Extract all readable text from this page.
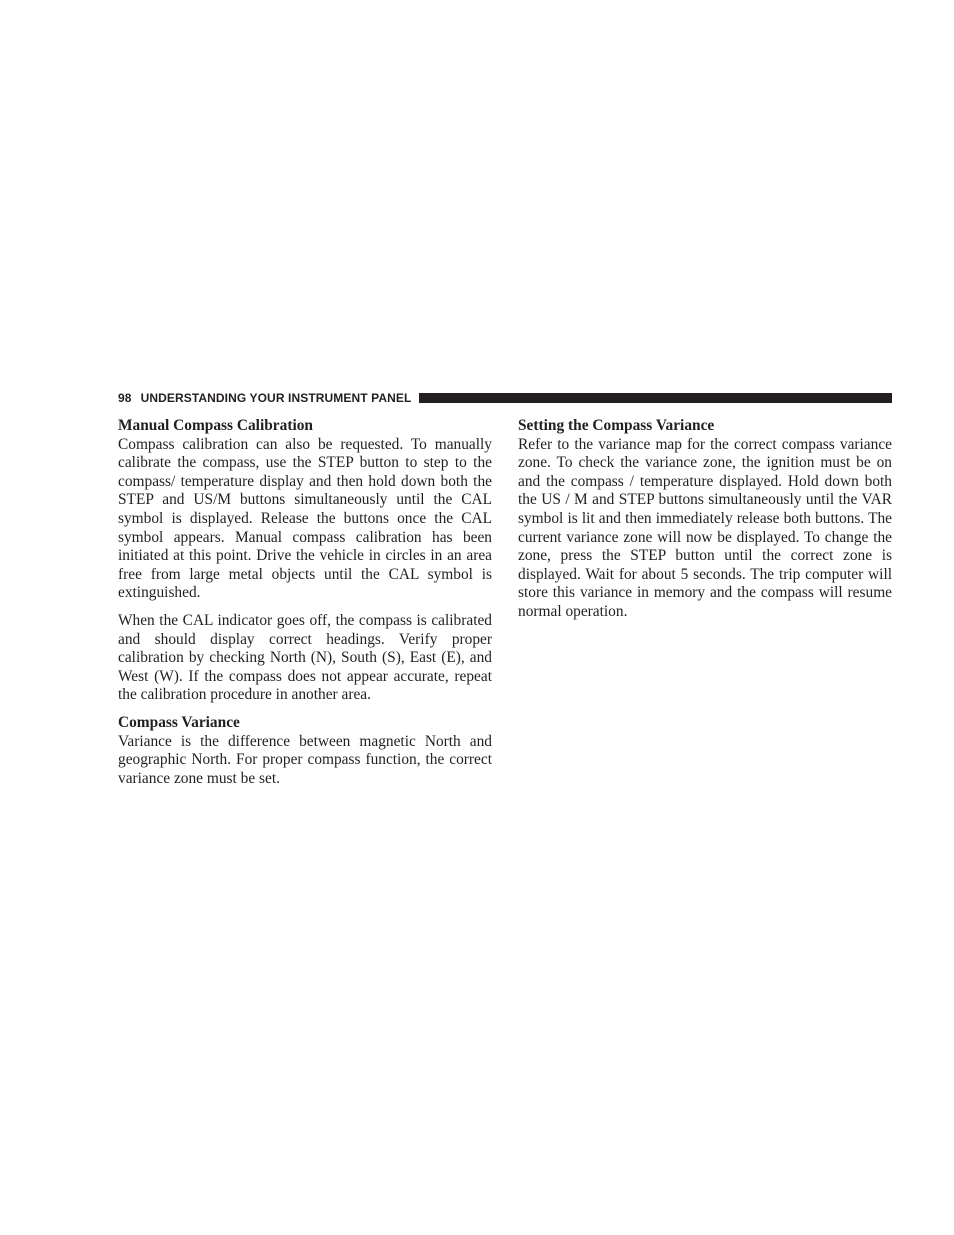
98 UNDERSTANDING YOUR INSTRUMENT PANEL

Manual Compass Calibration

Compass calibration can also be requested. To manually calibrate the compass, use the STEP button to step to the compass/ temperature display and then hold down both the STEP and US/M buttons simultaneously until the CAL symbol is displayed. Release the buttons once the CAL symbol appears. Manual compass calibration has been initiated at this point. Drive the vehicle in circles in an area free from large metal objects until the CAL symbol is extinguished.

When the CAL indicator goes off, the compass is calibrated and should display correct headings. Verify proper calibration by checking North (N), South (S), East (E), and West (W). If the compass does not appear accurate, repeat the calibration procedure in another area.

Compass Variance

Variance is the difference between magnetic North and geographic North. For proper compass function, the correct variance zone must be set.

Setting the Compass Variance

Refer to the variance map for the correct compass variance zone. To check the variance zone, the ignition must be on and the compass / temperature displayed. Hold down both the US / M and STEP buttons simultaneously until the VAR symbol is lit and then immediately release both buttons. The current variance zone will now be displayed. To change the zone, press the STEP button until the correct zone is displayed. Wait for about 5 seconds. The trip computer will store this variance in memory and the compass will resume normal operation.
